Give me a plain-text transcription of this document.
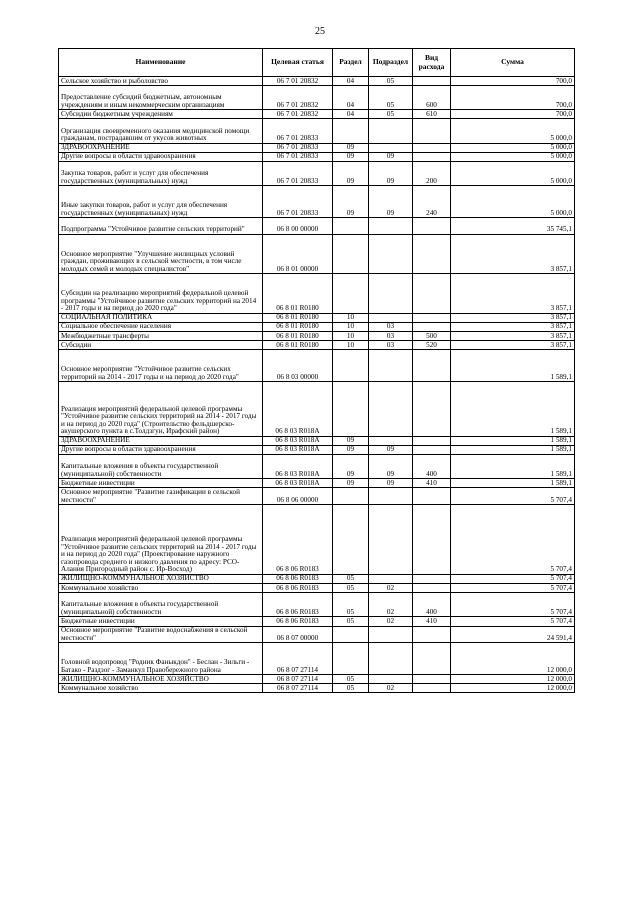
25
Наименование	Целевая статья	Раздел	Подраздел	Вид расхода	Сумма
Сельское хозяйство и рыболовство	06 7 01 20832	04	05		700,0
Предоставление субсидий бюджетным, автономным учреждениям и иным некоммерческим организациям	06 7 01 20832	04	05	600	700,0
Субсидии бюджетным учреждениям	06 7 01 20832	04	05	610	700,0
Организация своевременного оказания медицинской помощи гражданам, пострадавшим от укусов животных	06 7 01 20833				5 000,0
ЗДРАВООХРАНЕНИЕ	06 7 01 20833	09			5 000,0
Другие вопросы в области здравоохранения	06 7 01 20833	09	09		5 000,0
Закупка товаров, работ и услуг для обеспечения государственных (муниципальных) нужд	06 7 01 20833	09	09	200	5 000,0
Иные закупки товаров, работ и услуг для обеспечения государственных (муниципальных) нужд	06 7 01 20833	09	09	240	5 000,0
Подпрограмма "Устойчивое развитие сельских территорий"	06 8 00 00000				35 745,1
Основное мероприятие "Улучшение жилищных условий граждан, проживающих в сельской местности, в том числе молодых семей и молодых специалистов"	06 8 01 00000				3 857,1
Субсидии на реализацию мероприятий федеральной целевой программы "Устойчивое развитие сельских территорий на 2014 - 2017 годы и на период до 2020 года"	06 8 01 R0180				3 857,1
СОЦИАЛЬНАЯ ПОЛИТИКА	06 8 01 R0180	10			3 857,1
Социальное обеспечение населения	06 8 01 R0180	10	03		3 857,1
Межбюджетные трансферты	06 8 01 R0180	10	03	500	3 857,1
Субсидии	06 8 01 R0180	10	03	520	3 857,1
Основное мероприятие "Устойчивое развитие сельских территорий на 2014 - 2017 годы и на период до 2020 года"	06 8 03 00000				1 589,1
Реализация мероприятий федеральной целевой программы "Устойчивое развитие сельских территорий на 2014 - 2017 годы и на период до 2020 года" (Строительство фельдшерско-акушерского пункта в с.Толдзгун, Ирафский район)	06 8 03 R018A				1 589,1
ЗДРАВООХРАНЕНИЕ	06 8 03 R018A	09			1 589,1
Другие вопросы в области здравоохранения	06 8 03 R018A	09	09		1 589,1
Капитальные вложения в объекты государственной (муниципальной) собственности	06 8 03 R018A	09	09	400	1 589,1
Бюджетные инвестиции	06 8 03 R018A	09	09	410	1 589,1
Основное мероприятие "Развитие газификации в сельской местности"	06 8 06 00000				5 707,4
Реализация мероприятий федеральной целевой программы "Устойчивое развитие сельских территорий на 2014 - 2017 годы и на период до 2020 года" (Проектирование наружного газопровода среднего и низкого давления по адресу: РСО-Алания Пригородный район с. Ир-Восход)	06 8 06 R0183				5 707,4
ЖИЛИЩНО-КОММУНАЛЬНОЕ ХОЗЯЙСТВО	06 8 06 R0183	05			5 707,4
Коммунальное хозяйство	06 8 06 R0183	05	02		5 707,4
Капитальные вложения в объекты государственной (муниципальной) собственности	06 8 06 R0183	05	02	400	5 707,4
Бюджетные инвестиции	06 8 06 R0183	05	02	410	5 707,4
Основное мероприятие "Развитие водоснабжения в сельской местности"	06 8 07 00000				24 591,4
Головной водопровод "Родник Фаныкдон" - Беслан - Зильги - Батако - Раздзог - Заманкул Правобережного района	06 8 07 27114				12 000,0
ЖИЛИЩНО-КОММУНАЛЬНОЕ ХОЗЯЙСТВО	06 8 07 27114	05			12 000,0
Коммунальное хозяйство	06 8 07 27114	05	02		12 000,0
